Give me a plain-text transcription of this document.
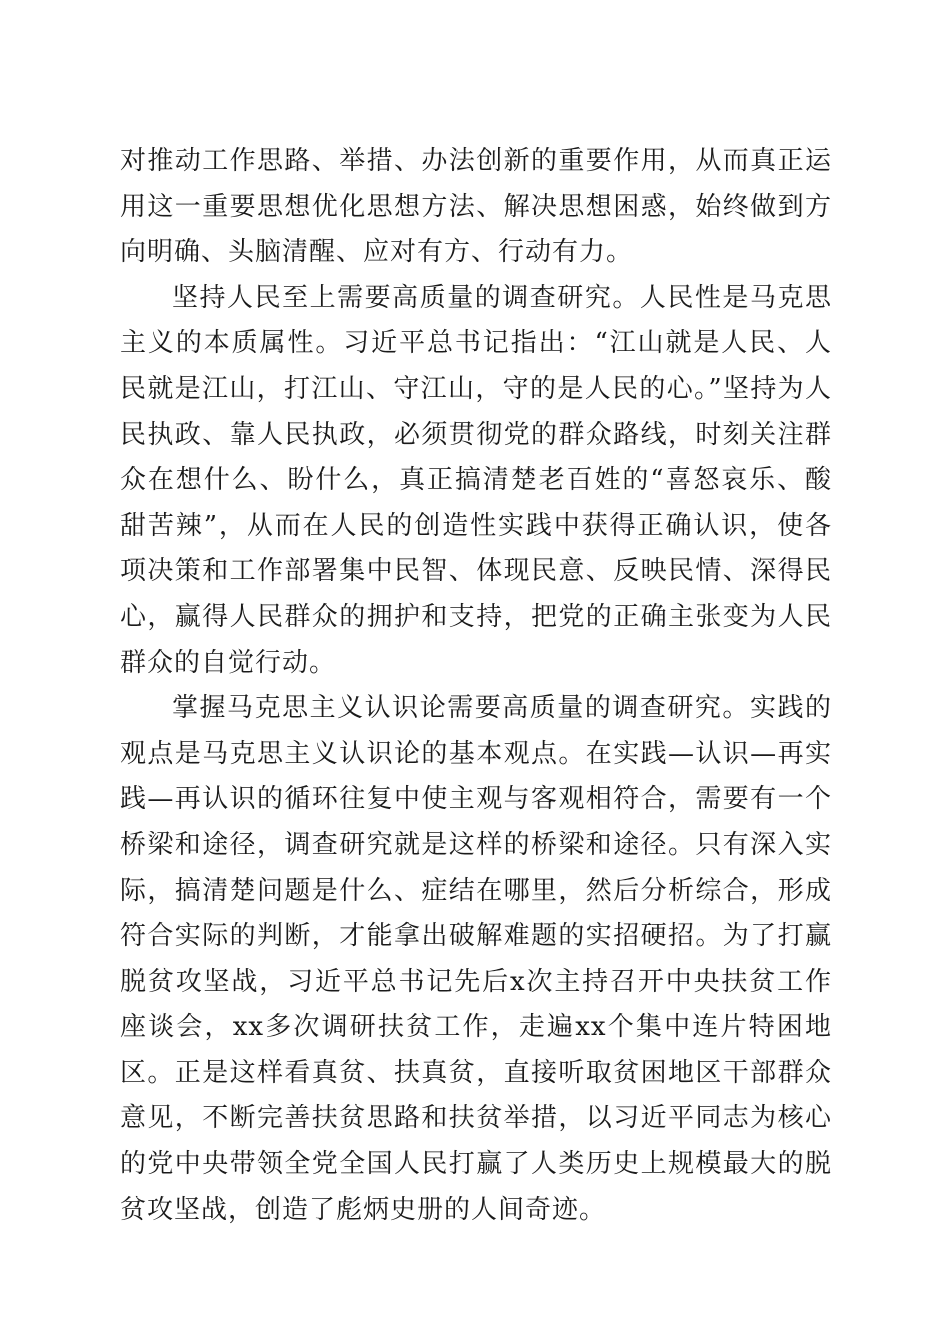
对推动工作思路、举措、办法创新的重要作用，从而真正运用这一重要思想优化思想方法、解决思想困惑，始终做到方向明确、头脑清醒、应对有方、行动有力。

坚持人民至上需要高质量的调查研究。人民性是马克思主义的本质属性。习近平总书记指出：“江山就是人民、人民就是江山，打江山、守江山，守的是人民的心。”坚持为人民执政、靠人民执政，必须贯彻党的群众路线，时刻关注群众在想什么、盼什么，真正搞清楚老百姓的“喜怒哀乐、酸甜苦辣”，从而在人民的创造性实践中获得正确认识，使各项决策和工作部署集中民智、体现民意、反映民情、深得民心，赢得人民群众的拥护和支持，把党的正确主张变为人民群众的自觉行动。

掌握马克思主义认识论需要高质量的调查研究。实践的观点是马克思主义认识论的基本观点。在实践—认识—再实践—再认识的循环往复中使主观与客观相符合，需要有一个桥梁和途径，调查研究就是这样的桥梁和途径。只有深入实际，搞清楚问题是什么、症结在哪里，然后分析综合，形成符合实际的判断，才能拿出破解难题的实招硬招。为了打赢脱贫攻坚战，习近平总书记先后x次主持召开中央扶贫工作座谈会，xx多次调研扶贫工作，走遍xx个集中连片特困地区。正是这样看真贫、扶真贫，直接听取贫困地区干部群众意见，不断完善扶贫思路和扶贫举措，以习近平同志为核心的党中央带领全党全国人民打赢了人类历史上规模最大的脱贫攻坚战，创造了彪炳史册的人间奇迹。
